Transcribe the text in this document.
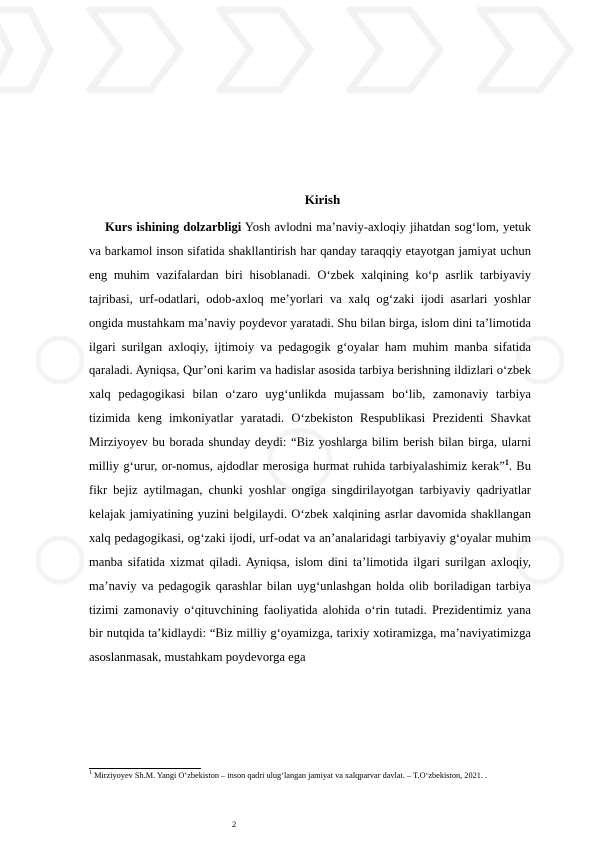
Kirish

Kurs ishining dolzarbligi Yosh avlodni ma’naviy-axloqiy jihatdan sog‘lom, yetuk va barkamol inson sifatida shakllantirish har qanday taraqqiy etayotgan jamiyat uchun eng muhim vazifalardan biri hisoblanadi. O‘zbek xalqining ko‘p asrlik tarbiyaviy tajribasi, urf-odatlari, odob-axloq me’yorlari va xalq og‘zaki ijodi asarlari yoshlar ongida mustahkam ma’naviy poydevor yaratadi. Shu bilan birga, islom dini ta’limotida ilgari surilgan axloqiy, ijtimoiy va pedagogik g‘oyalar ham muhim manba sifatida qaraladi. Ayniqsa, Qur’oni karim va hadislar asosida tarbiya berishning ildizlari o‘zbek xalq pedagogikasi bilan o‘zaro uyg‘unlikda mujassam bo‘lib, zamonaviy tarbiya tizimida keng imkoniyatlar yaratadi. O‘zbekiston Respublikasi Prezidenti Shavkat Mirziyoyev bu borada shunday deydi: “Biz yoshlarga bilim berish bilan birga, ularni milliy g‘urur, or-nomus, ajdodlar merosiga hurmat ruhida tarbiyalashimiz kerak”$^1$. Bu fikr bejiz aytilmagan, chunki yoshlar ongiga singdirilayotgan tarbiyaviy qadriyatlar kelajak jamiyatining yuzini belgilaydi. O‘zbek xalqining asrlar davomida shakllangan xalq pedagogikasi, og‘zaki ijodi, urf-odat va an’analaridagi tarbiyaviy g‘oyalar muhim manba sifatida xizmat qiladi. Ayniqsa, islom dini ta’limotida ilgari surilgan axloqiy, ma’naviy va pedagogik qarashlar bilan uyg‘unlashgan holda olib boriladigan tarbiya tizimi zamonaviy o‘qituvchining faoliyatida alohida o‘rin tutadi. Prezidentimiz yana bir nutqida ta’kidlaydi: “Biz milliy g‘oyamizga, tarixiy xotiramizga, ma’naviyatimizga asoslanmasak, mustahkam poydevorga ega

$^1$ Mirziyoyev Sh.M. Yangi O‘zbekiston – inson qadri ulug‘langan jamiyat va xalqparvar davlat. – T.O‘zbekiston, 2021. .

2
